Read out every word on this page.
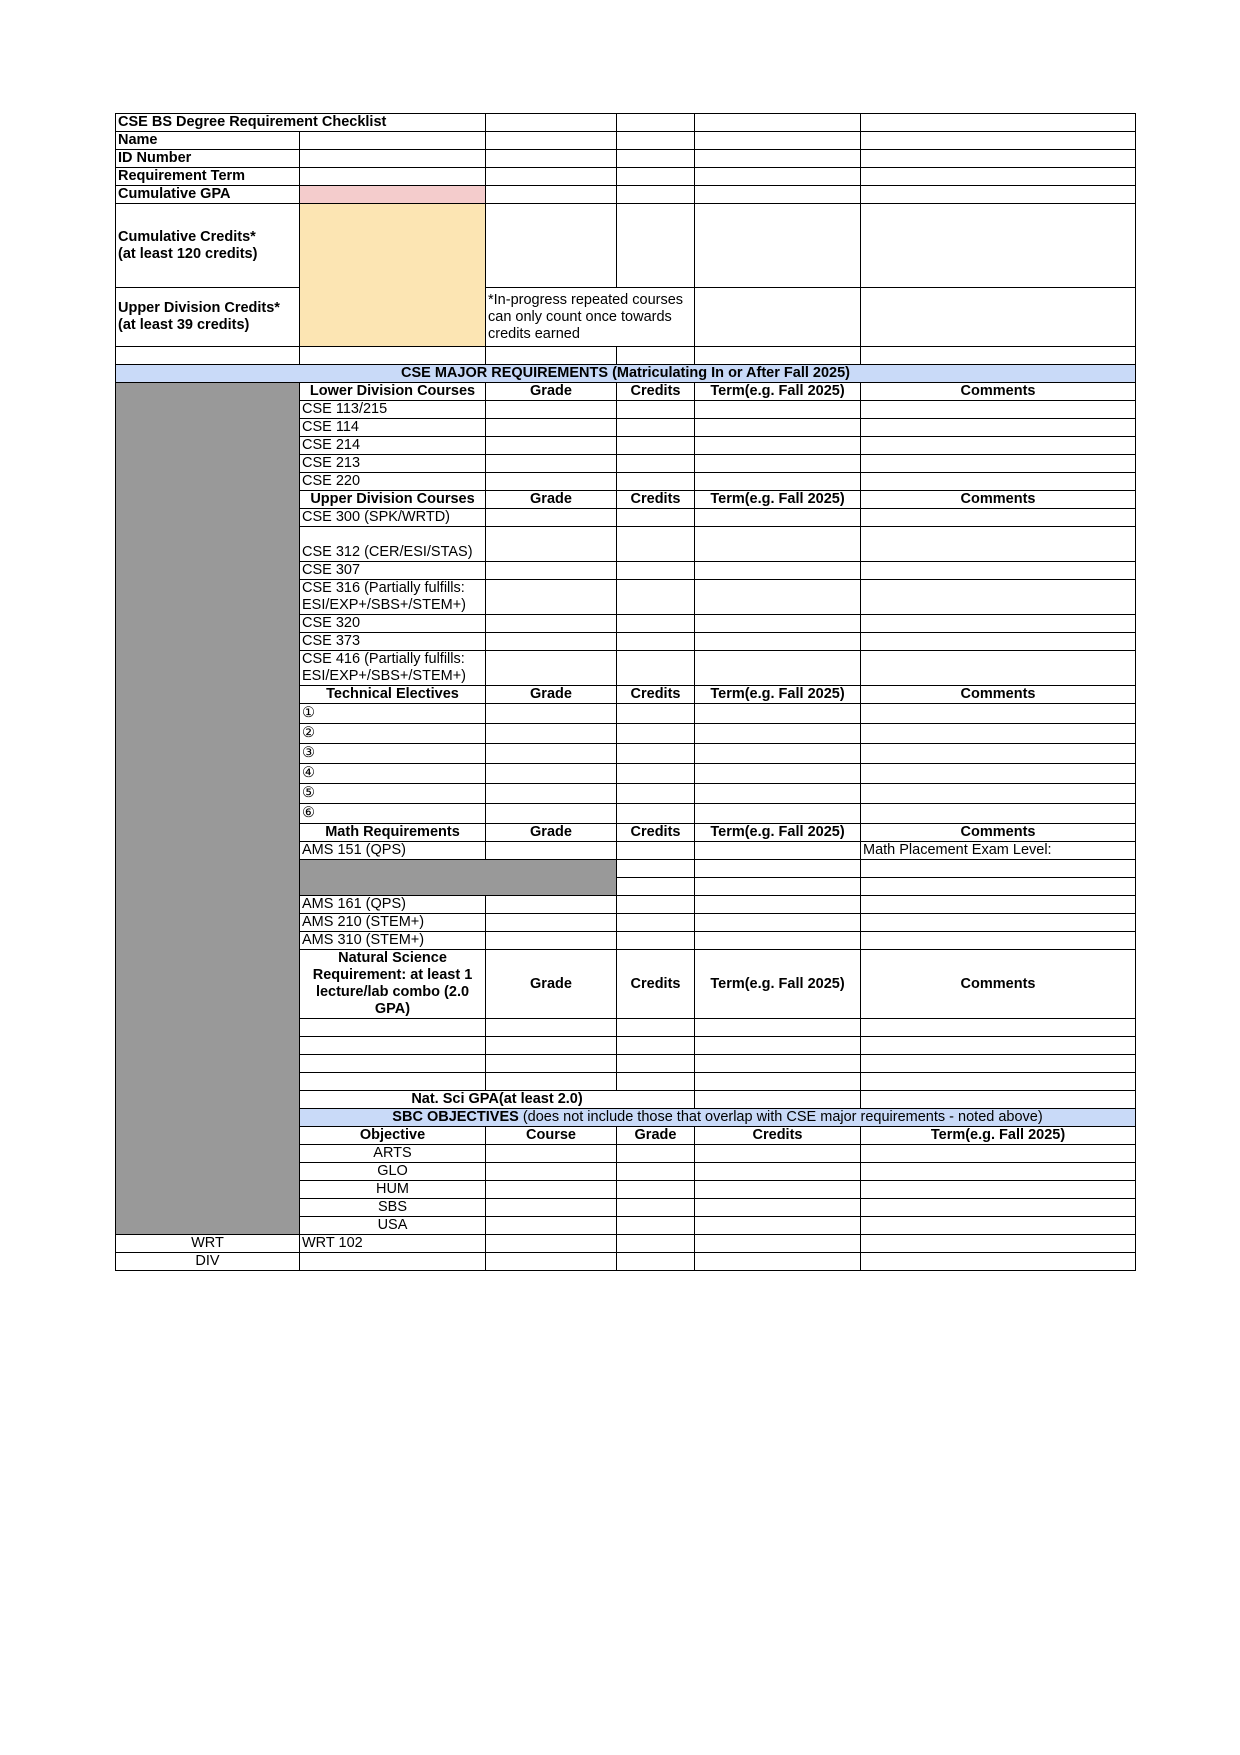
CSE BS Degree Requirement Checklist						
Name						
ID Number						
Requirement Term						
Cumulative GPA						

Cumulative Credits*
(at least 120 credits)						

Upper Division Credits*
(at least 39 credits)		*In-progress repeated courses can only count once towards credits earned				

CSE MAJOR REQUIREMENTS (Matriculating In or After Fall 2025)						
	Lower Division Courses	Grade	Credits	Term(e.g. Fall 2025)	Comments	
	CSE 113/215					
	CSE 114					
	CSE 214					
	CSE 213					
	CSE 220					
	Upper Division Courses	Grade	Credits	Term(e.g. Fall 2025)	Comments	
	CSE 300 (SPK/WRTD)					
	CSE 312 (CER/ESI/STAS)					
	CSE 307					
	CSE 316 (Partially fulfills: ESI/EXP+/SBS+/STEM+)					
	CSE 320					
	CSE 373					
	CSE 416 (Partially fulfills: ESI/EXP+/SBS+/STEM+)					
	Technical Electives	Grade	Credits	Term(e.g. Fall 2025)	Comments	
	①					
	②					
	③					
	④					
	⑤					
	⑥					
	Math Requirements	Grade	Credits	Term(e.g. Fall 2025)	Comments	
	AMS 151 (QPS)				Math Placement Exam Level:	

	AMS 161 (QPS)					
	AMS 210 (STEM+)					
	AMS 310 (STEM+)					
	Natural Science Requirement: at least 1 lecture/lab combo (2.0 GPA)	Grade	Credits	Term(e.g. Fall 2025)	Comments	

	Nat. Sci GPA(at least 2.0)					
	SBC OBJECTIVES (does not include those that overlap with CSE major requirements - noted above)					
	Objective	Course	Grade	Credits	Term(e.g. Fall 2025)	
	ARTS					
	GLO					
	HUM					
	SBS					
	USA					
WRT	WRT 102					
DIV						
